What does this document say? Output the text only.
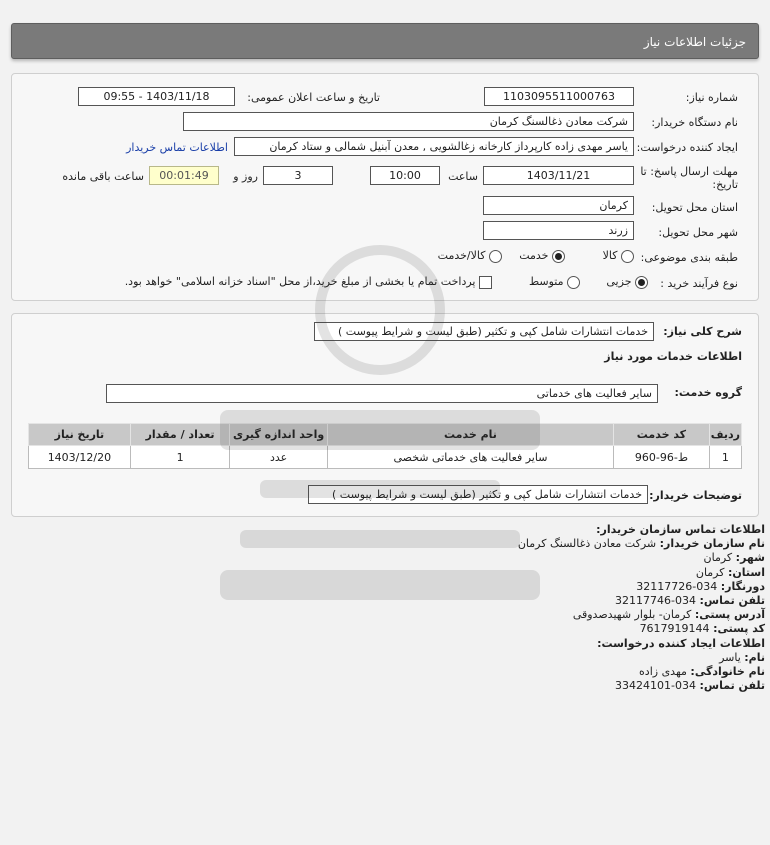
جزئیات اطلاعات نیاز
شماره نیاز:
1103095511000763
تاریخ و ساعت اعلان عمومی:
1403/11/18 - 09:55
نام دستگاه خریدار:
شرکت معادن ذغالسنگ کرمان
ایجاد کننده درخواست:
یاسر مهدی زاده کارپرداز کارخانه زغالشویی , معدن آبنیل شمالی و ستاد کرمان
اطلاعات تماس خریدار
مهلت ارسال پاسخ: تا
تاریخ:
1403/11/21
ساعت
10:00
3
روز و
00:01:49
ساعت باقی مانده
استان محل تحویل:
کرمان
شهر محل تحویل:
زرند
طبقه بندی موضوعی:
کالا
خدمت
کالا/خدمت
نوع فرآیند خرید :
جزیی
متوسط
پرداخت تمام یا بخشی از مبلغ خرید،از محل "اسناد خزانه اسلامی" خواهد بود.
شرح کلی نیاز:
خدمات انتشارات شامل کپی و تکثیر (طبق لیست و شرایط پیوست )
اطلاعات خدمات مورد نیاز
گروه خدمت:
سایر فعالیت های خدماتی
ردیف	کد خدمت	نام خدمت	واحد اندازه گیری	تعداد / مقدار	تاریخ نیاز
1	ط-96-960	سایر فعالیت های خدماتی شخصی	عدد	1	1403/12/20
توضیحات خریدار:
خدمات انتشارات شامل کپی و تکثیر (طبق لیست و شرایط پیوست )
اطلاعات تماس سازمان خریدار:
نام سازمان خریدار: شرکت معادن ذغالسنگ کرمان
شهر: کرمان
استان: کرمان
دورنگار: 034-32117726
تلفن تماس: 034-32117746
آدرس پستی: کرمان- بلوار شهیدصدوقی
کد پستی: 7617919144
اطلاعات ایجاد کننده درخواست:
نام: یاسر
نام خانوادگی: مهدی زاده
تلفن تماس: 034-33424101
